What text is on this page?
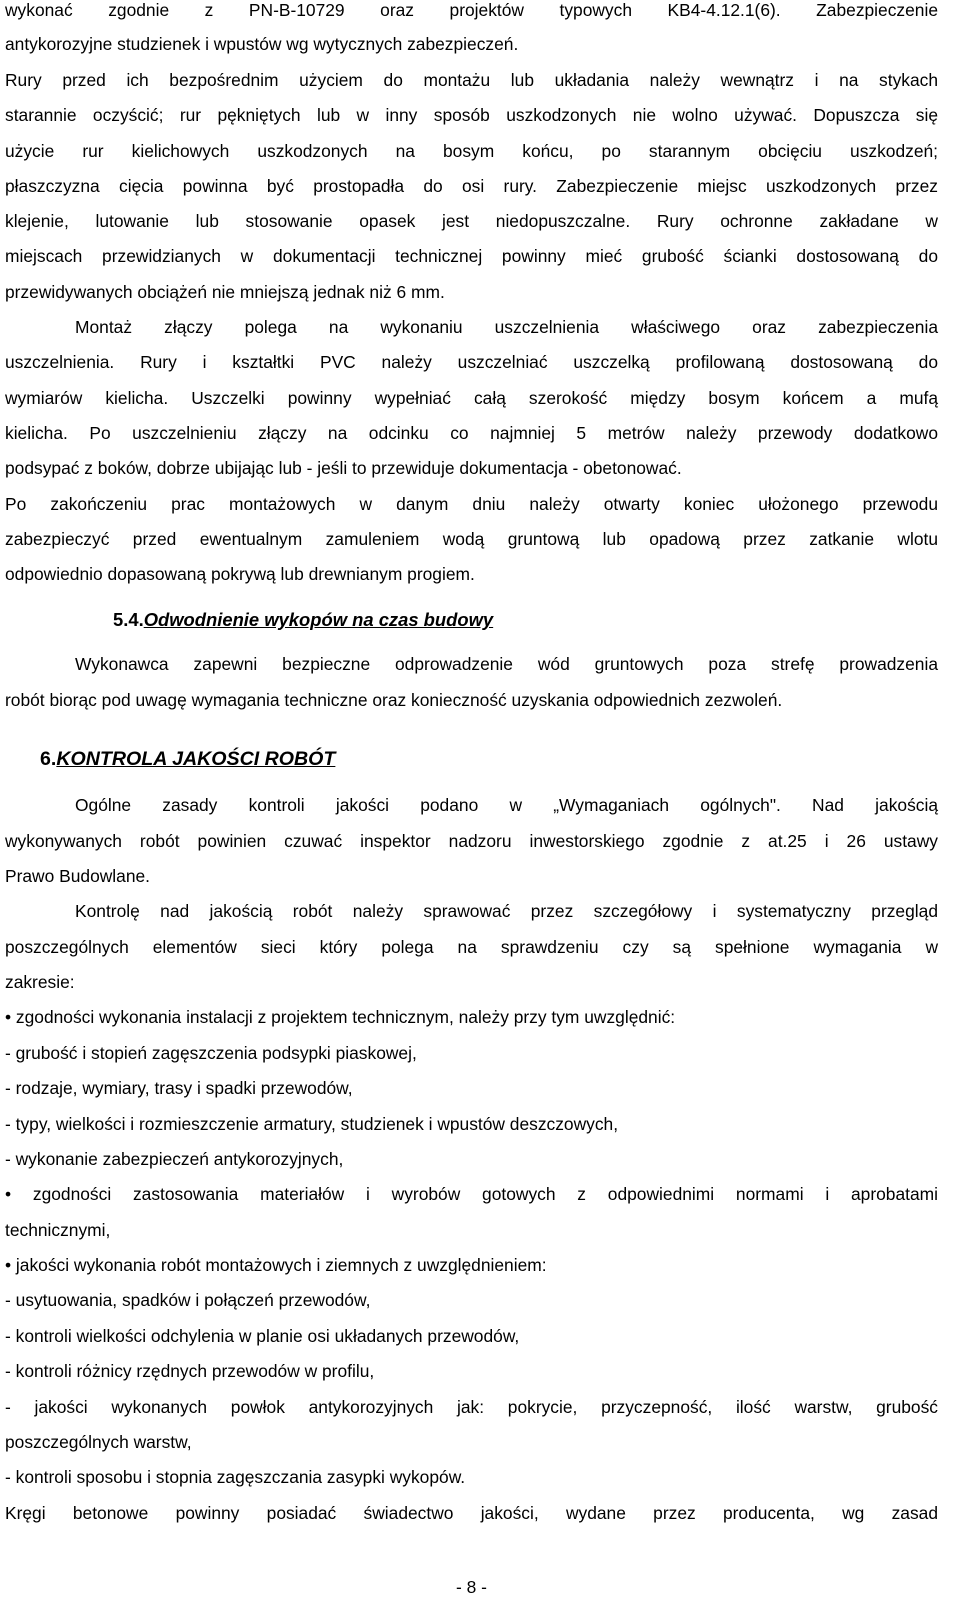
5.4.Odwodnienie wykopów na czas budowy
6.KONTROLA JAKOŚCI ROBÓT
- 8 -
wykonać zgodnie z PN-B-10729 oraz projektów typowych KB4-4.12.1(6). Zabezpieczenie
antykorozyjne studzienek i wpustów wg wytycznych zabezpieczeń.
Rury przed ich bezpośrednim użyciem do montażu lub układania należy wewnątrz i na stykach
starannie oczyścić; rur pękniętych lub w inny sposób uszkodzonych nie wolno używać. Dopuszcza się
użycie rur kielichowych uszkodzonych na bosym końcu, po starannym obcięciu uszkodzeń;
płaszczyzna cięcia powinna być prostopadła do osi rury. Zabezpieczenie miejsc uszkodzonych przez
klejenie, lutowanie lub stosowanie opasek jest niedopuszczalne. Rury ochronne zakładane w
miejscach przewidzianych w dokumentacji technicznej powinny mieć grubość ścianki dostosowaną do
przewidywanych obciążeń nie mniejszą jednak niż 6 mm.
Montaż złączy polega na wykonaniu uszczelnienia właściwego oraz zabezpieczenia
uszczelnienia. Rury i kształtki PVC należy uszczelniać uszczelką profilowaną dostosowaną do
wymiarów kielicha. Uszczelki powinny wypełniać całą szerokość między bosym końcem a mufą
kielicha. Po uszczelnieniu złączy na odcinku co najmniej 5 metrów należy przewody dodatkowo
podsypać z boków, dobrze ubijając lub - jeśli to przewiduje dokumentacja - obetonować.
Po zakończeniu prac montażowych w danym dniu należy otwarty koniec ułożonego przewodu
zabezpieczyć przed ewentualnym zamuleniem wodą gruntową lub opadową przez zatkanie wlotu
odpowiednio dopasowaną pokrywą lub drewnianym progiem.
Wykonawca zapewni bezpieczne odprowadzenie wód gruntowych poza strefę prowadzenia
robót biorąc pod uwagę wymagania techniczne oraz konieczność uzyskania odpowiednich zezwoleń.
Ogólne zasady kontroli jakości podano w „Wymaganiach ogólnych". Nad jakością
wykonywanych robót powinien czuwać inspektor nadzoru inwestorskiego zgodnie z at.25 i 26 ustawy
Prawo Budowlane.
Kontrolę nad jakością robót należy sprawować przez szczegółowy i systematyczny przegląd
poszczególnych elementów sieci który polega na sprawdzeniu czy są spełnione wymagania w
zakresie:
• zgodności wykonania instalacji z projektem technicznym, należy przy tym uwzględnić:
- grubość i stopień zagęszczenia podsypki piaskowej,
- rodzaje, wymiary, trasy i spadki przewodów,
- typy, wielkości i rozmieszczenie armatury, studzienek i wpustów deszczowych,
- wykonanie zabezpieczeń antykorozyjnych,
• zgodności zastosowania materiałów i wyrobów gotowych z odpowiednimi normami i aprobatami
technicznymi,
• jakości wykonania robót montażowych i ziemnych z uwzględnieniem:
- usytuowania, spadków i połączeń przewodów,
- kontroli wielkości odchylenia w planie osi układanych przewodów,
- kontroli różnicy rzędnych przewodów w profilu,
- jakości wykonanych powłok antykorozyjnych jak: pokrycie, przyczepność, ilość warstw, grubość
poszczególnych warstw,
- kontroli sposobu i stopnia zagęszczania zasypki wykopów.
Kręgi betonowe powinny posiadać świadectwo jakości, wydane przez producenta, wg zasad
